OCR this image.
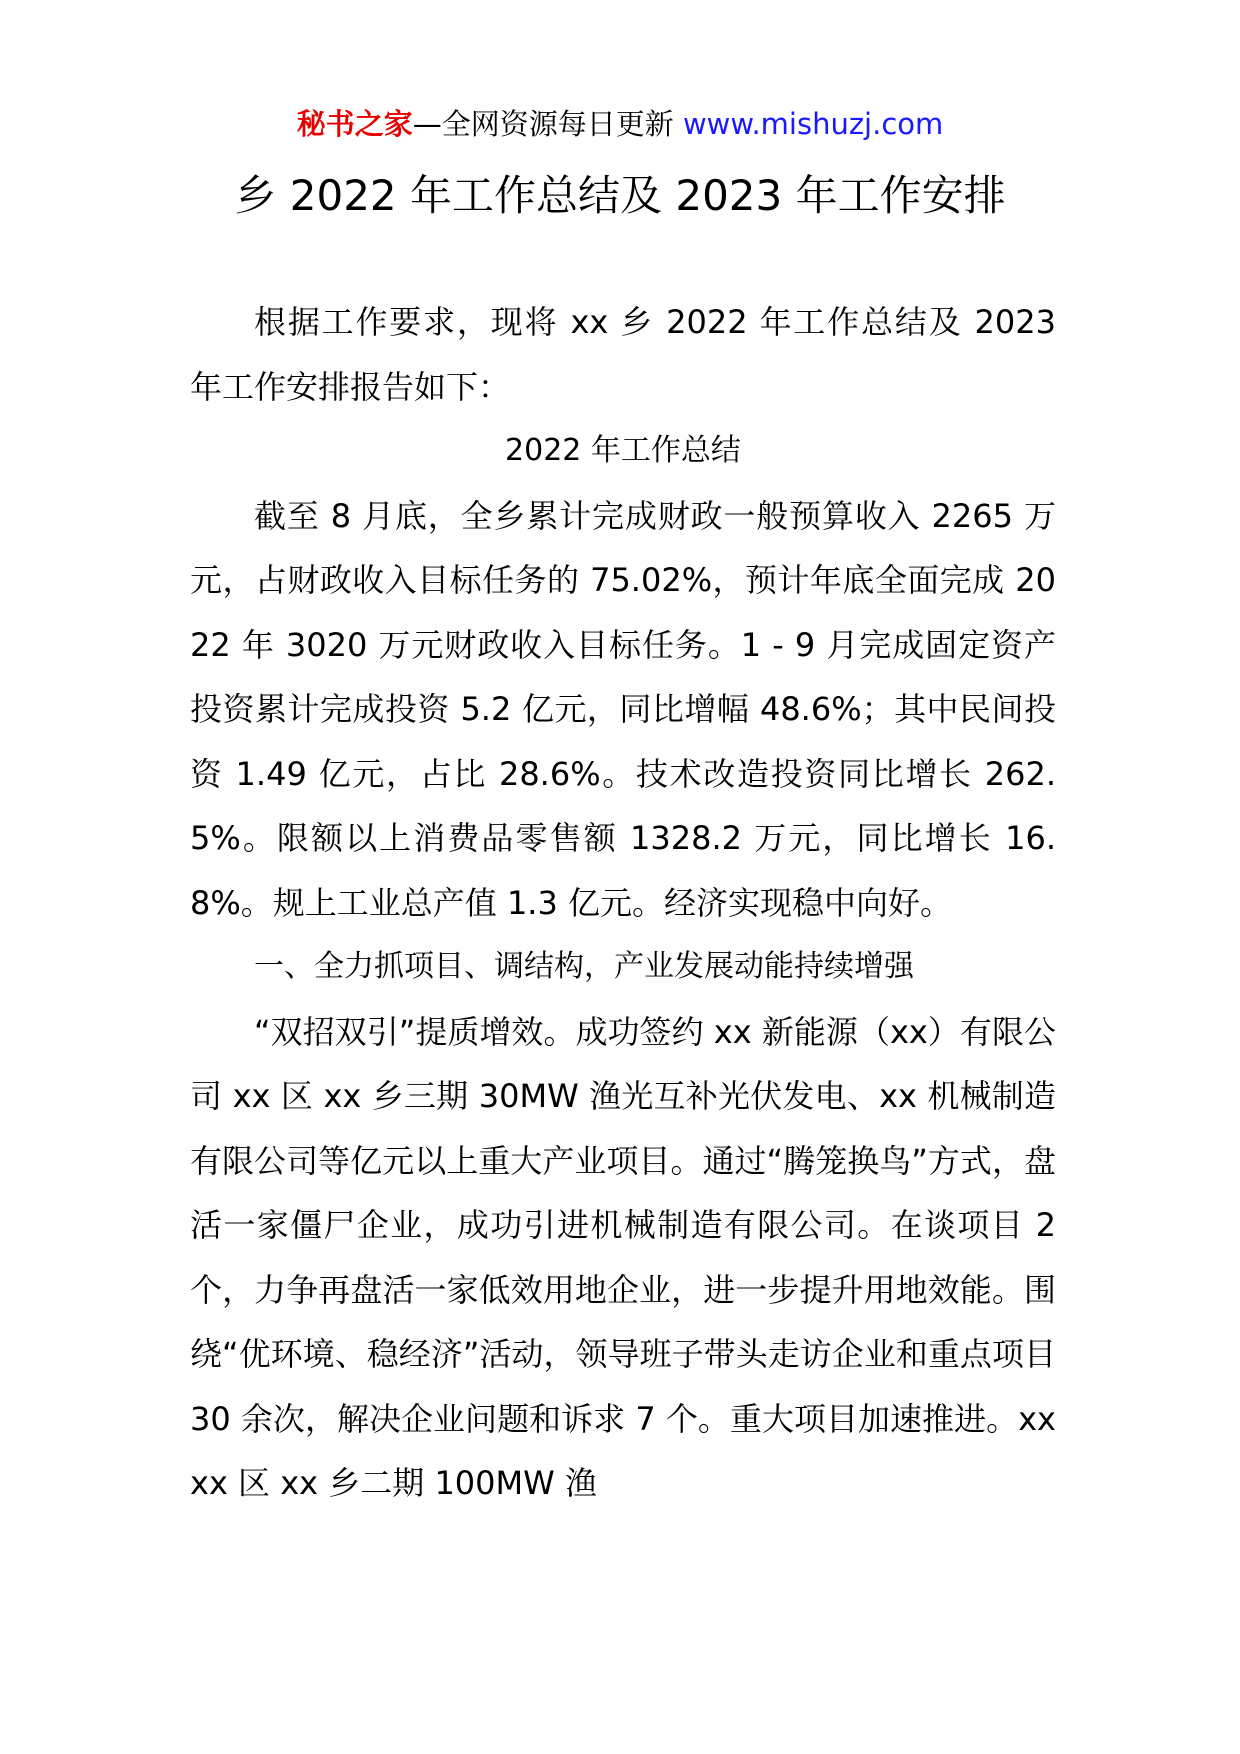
秘书之家—全网资源每日更新 www.mishuzj.com
乡 2022 年工作总结及 2023 年工作安排

根据工作要求，现将 xx 乡 2022 年工作总结及 2023 年工作安排报告如下：

2022 年工作总结

截至 8 月底，全乡累计完成财政一般预算收入 2265 万元，占财政收入目标任务的 75.02%，预计年底全面完成 2022 年 3020 万元财政收入目标任务。1 - 9 月完成固定资产投资累计完成投资 5.2 亿元，同比增幅 48.6%；其中民间投资 1.49 亿元，占比 28.6%。技术改造投资同比增长 262.5%。限额以上消费品零售额 1328.2 万元，同比增长 16.8%。规上工业总产值 1.3 亿元。经济实现稳中向好。

一、全力抓项目、调结构，产业发展动能持续增强

“双招双引”提质增效。成功签约 xx 新能源（xx）有限公司 xx 区 xx 乡三期 30MW 渔光互补光伏发电、xx 机械制造有限公司等亿元以上重大产业项目。通过“腾笼换鸟”方式，盘活一家僵尸企业，成功引进机械制造有限公司。在谈项目 2 个，力争再盘活一家低效用地企业，进一步提升用地效能。围绕“优环境、稳经济”活动，领导班子带头走访企业和重点项目 30 余次，解决企业问题和诉求 7 个。重大项目加速推进。xxxx 区 xx 乡二期 100MW 渔
